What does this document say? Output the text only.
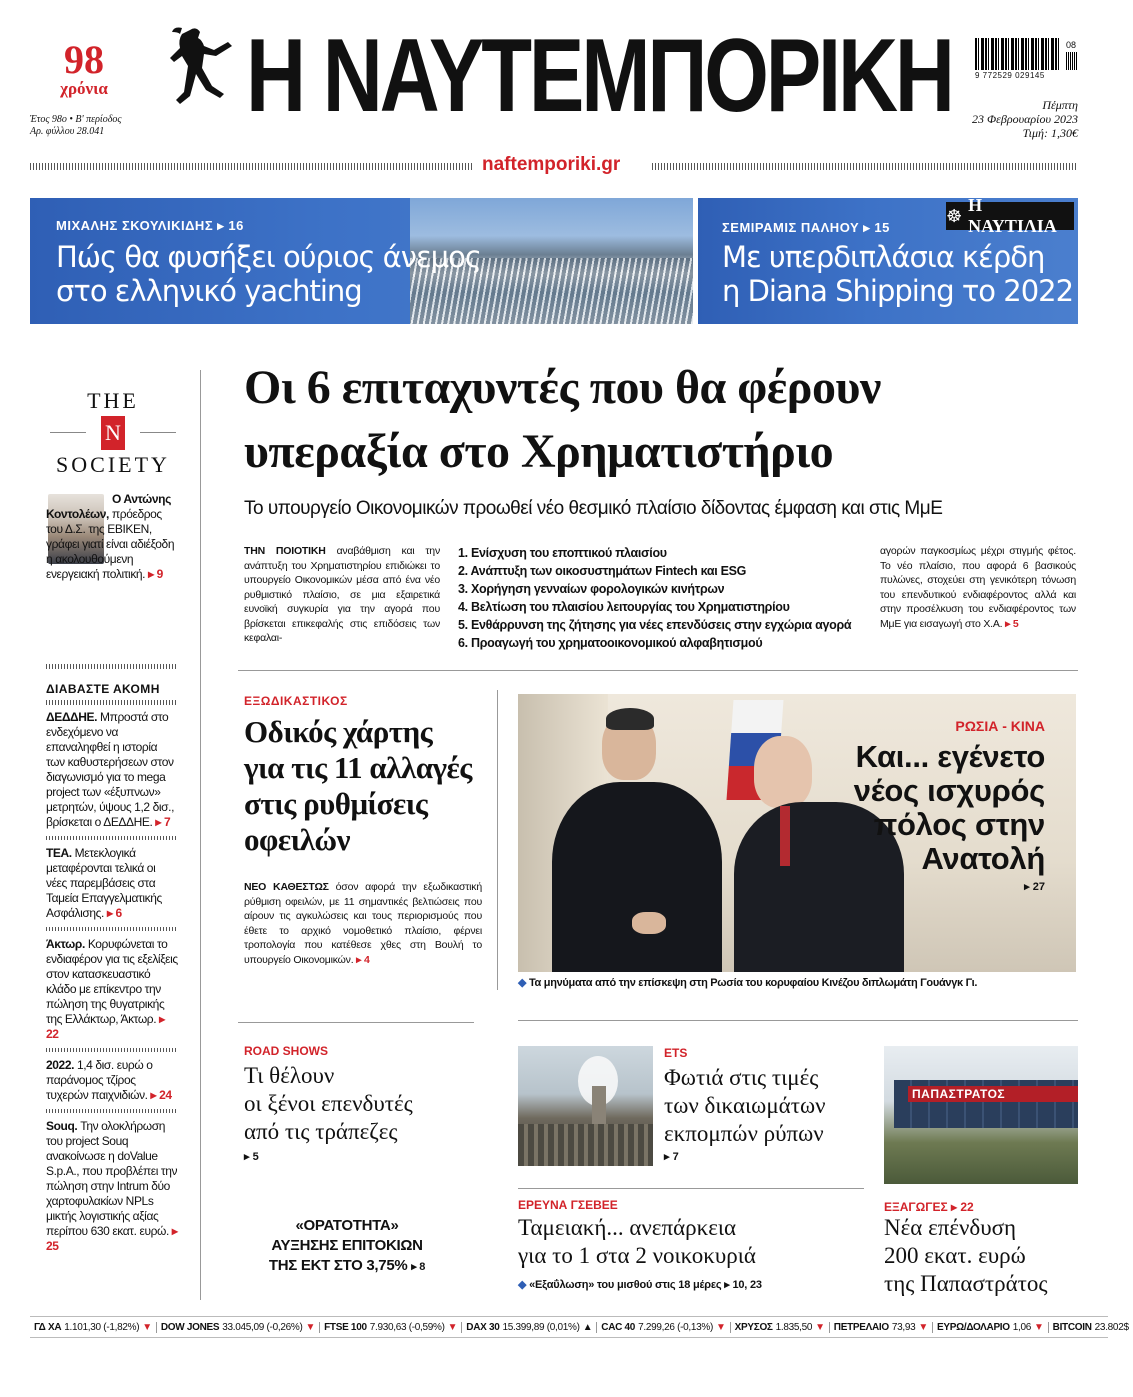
98
χρόνια
Έτος 98ο • Β' περίοδος
Αρ. φύλλου 28.041 Η ΝΑΥΤΕΜΠΟΡΙΚΗ	08
9 772529 029145
Πέμπτη
23 Φεβρουαρίου 2023
Τιμή: 1,30€
naftemporiki.gr
ΜΙΧΑΛΗΣ ΣΚΟΥΛΙΚΙΔΗΣ ▸ 16
Πώς θα φυσήξει ούριος άνεμος
στο ελληνικό yachting
ΣΕΜΙΡΑΜΙΣ ΠΑΛΗΟΥ ▸ 15
☸
Η ΝΑΥΤΙΛΙΑ
Με υπερδιπλάσια κέρδη
η Diana Shipping το 2022
THE
N
SOCIETY

Ο Αντώνης Κοντολέων, πρόεδρος του Δ.Σ. της ΕΒΙΚΕΝ, γράφει γιατί είναι αδιέξοδη η ακολουθούμενη ενεργειακή πολιτική. ▸ 9

ΔΙΑΒΑΣΤΕ ΑΚΟΜΗ

ΔΕΔΔΗΕ. Μπροστά στο ενδεχόμενο να επαναληφθεί η ιστορία των καθυστερήσεων στον διαγωνισμό για το mega project των «έξυπνων» μετρητών, ύψους 1,2 δισ., βρίσκεται ο ΔΕΔΔΗΕ. ▸ 7

ΤΕΑ. Μετεκλογικά μεταφέρονται τελικά οι νέες παρεμβάσεις στα Ταμεία Επαγγελματικής Ασφάλισης. ▸ 6

Άκτωρ. Κορυφώνεται το ενδιαφέρον για τις εξελίξεις στον κατασκευαστικό κλάδο με επίκεντρο την πώληση της θυγατρικής της Ελλάκτωρ, Άκτωρ. ▸ 22

2022. 1,4 δισ. ευρώ ο παράνομος τζίρος τυχερών παιχνιδιών. ▸ 24

Souq. Την ολοκλήρωση του project Souq ανακοίνωσε η doValue S.p.A., που προβλέπει την πώληση στην Intrum δύο χαρτοφυλακίων NPLs μικτής λογιστικής αξίας περίπου 630 εκατ. ευρώ. ▸ 25

Οι 6 επιταχυντές που θα φέρουν
υπεραξία στο Χρηματιστήριο
Το υπουργείο Οικονομικών προωθεί νέο θεσμικό πλαίσιο δίδοντας έμφαση και στις ΜμΕ
ΤΗΝ ΠΟΙΟΤΙΚΗ αναβάθμιση και την ανάπτυξη του Χρηματιστηρίου επιδιώκει το υπουργείο Οικονομικών μέσα από ένα νέο ρυθμιστικό πλαίσιο, σε μια εξαιρετικά ευνοϊκή συγκυρία για την αγορά που βρίσκεται επικεφαλής στις επιδόσεις των κεφαλαι-
1. Ενίσχυση του εποπτικού πλαισίου
2. Ανάπτυξη των οικοσυστημάτων Fintech και ESG
3. Χορήγηση γενναίων φορολογικών κινήτρων
4. Βελτίωση του πλαισίου λειτουργίας του Χρηματιστηρίου
5. Ενθάρρυνση της ζήτησης για νέες επενδύσεις στην εγχώρια αγορά
6. Προαγωγή του χρηματοοικονομικού αλφαβητισμού
αγορών παγκοσμίως μέχρι στιγμής φέτος. Το νέο πλαίσιο, που αφορά 6 βασικούς πυλώνες, στοχεύει στη γενικότερη τόνωση του επενδυτικού ενδιαφέροντος αλλά και στην προσέλκυση του ενδιαφέροντος των ΜμΕ για εισαγωγή στο Χ.Α. ▸ 5
ΕΞΩΔΙΚΑΣΤΙΚΟΣ
Οδικός χάρτης
για τις 11 αλλαγές
στις ρυθμίσεις
οφειλών
ΝΕΟ ΚΑΘΕΣΤΩΣ όσον αφορά την εξωδικαστική ρύθμιση οφειλών, με 11 σημαντικές βελτιώσεις που αίρουν τις αγκυλώσεις και τους περιορισμούς που έθετε το αρχικό νομοθετικό πλαίσιο, φέρνει τροπολογία που κατέθεσε χθες στη Βουλή το υπουργείο Οικονομικών. ▸ 4
ΡΩΣΙΑ - ΚΙΝΑ
Και... εγένετο
νέος ισχυρός
πόλος στην
Ανατολή
▸ 27
◆ Τα μηνύματα από την επίσκεψη στη Ρωσία του κορυφαίου Κινέζου διπλωμάτη Γουάνγκ Γι.
ROAD SHOWS
Τι θέλουν
οι ξένοι επενδυτές
από τις τράπεζες
▸ 5
ETS
Φωτιά στις τιμές
των δικαιωμάτων
εκπομπών ρύπων
▸ 7
ΠΑΠΑΣΤΡΑΤΟΣ
ΕΞΑΓΩΓΕΣ ▸ 22
Νέα επένδυση
200 εκατ. ευρώ
της Παπαστράτος
ΕΡΕΥΝΑ ΓΣΕΒΕΕ
Ταμειακή... ανεπάρκεια
για το 1 στα 2 νοικοκυριά
◆ «Εξαΰλωση» του μισθού στις 18 μέρες ▸ 10, 23
«ΟΡΑΤΟΤΗΤΑ»
ΑΥΞΗΣΗΣ ΕΠΙΤΟΚΙΩΝ
ΤΗΣ ΕΚΤ ΣΤΟ 3,75% ▸ 8
ΓΔ ΧΑ 1.101,30 (-1,82%) ▼ DOW JONES 33.045,09 (-0,26%) ▼ FTSE 100 7.930,63 (-0,59%) ▼ DAX 30 15.399,89 (0,01%) ▲ CAC 40 7.299,26 (-0,13%) ▼ ΧΡΥΣΟΣ 1.835,50 ▼ ΠΕΤΡΕΛΑΙΟ 73,93 ▼ ΕΥΡΩ/ΔΟΛΑΡΙΟ 1,06 ▼ BITCOIN 23.802$
